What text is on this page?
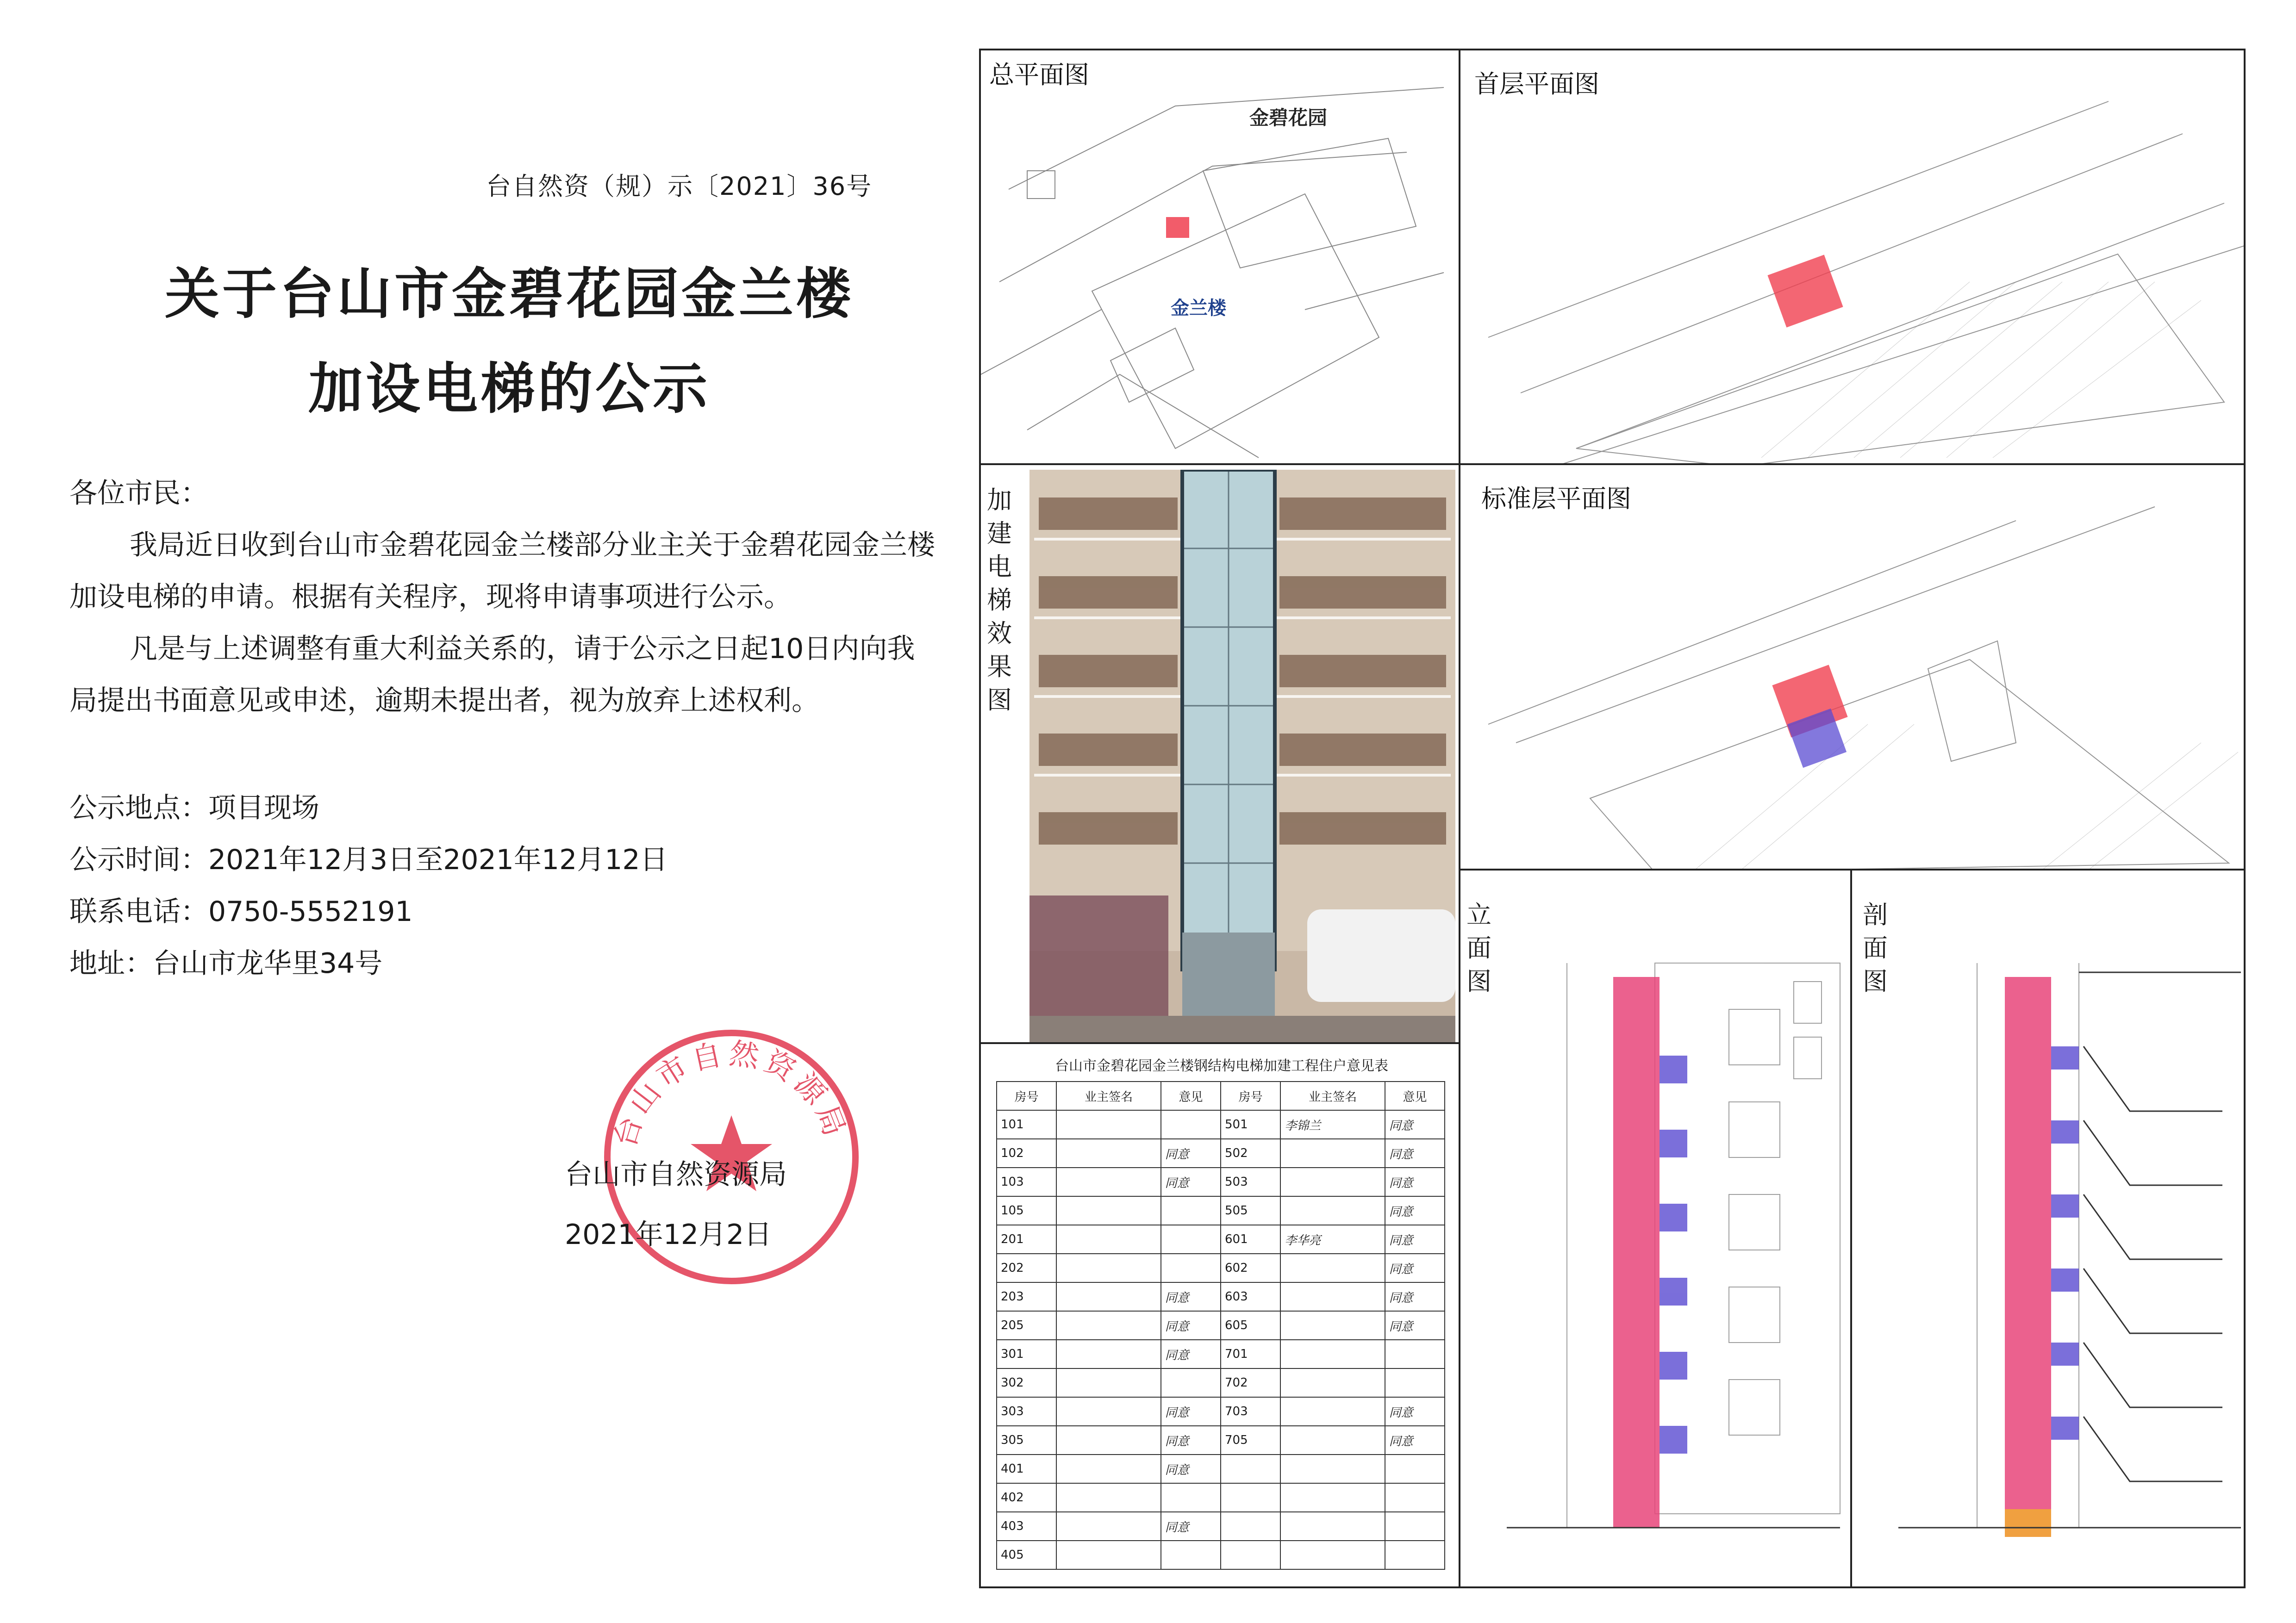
台自然资（规）示〔2021〕36号
关于台山市金碧花园金兰楼
加设电梯的公示

各位市民：

我局近日收到台山市金碧花园金兰楼部分业主关于金碧花园金兰楼加设电梯的申请。根据有关程序，现将申请事项进行公示。

凡是与上述调整有重大利益关系的，请于公示之日起10日内向我局提出书面意见或申述，逾期未提出者，视为放弃上述权利。

公示地点：项目现场
公示时间：2021年12月3日至2021年12月12日
联系电话：0750-5552191
地址：台山市龙华里34号
台山市自然资源局
台山市自然资源局
2021年12月2日
总平面图
金碧花园
金兰楼
首层平面图
加建电梯效果图
标准层平面图
立面图
剖面图
台山市金碧花园金兰楼钢结构电梯加建工程住户意见表
房号	业主签名	意见	房号	业主签名	意见
101			501	李锦兰	同意
102		同意	502		同意
103		同意	503		同意
105			505		同意
201			601	李华亮	同意
202			602		同意
203		同意	603		同意
205		同意	605		同意
301		同意	701		
302			702		
303		同意	703		同意
305		同意	705		同意
401		同意			
402					
403		同意			
405					
